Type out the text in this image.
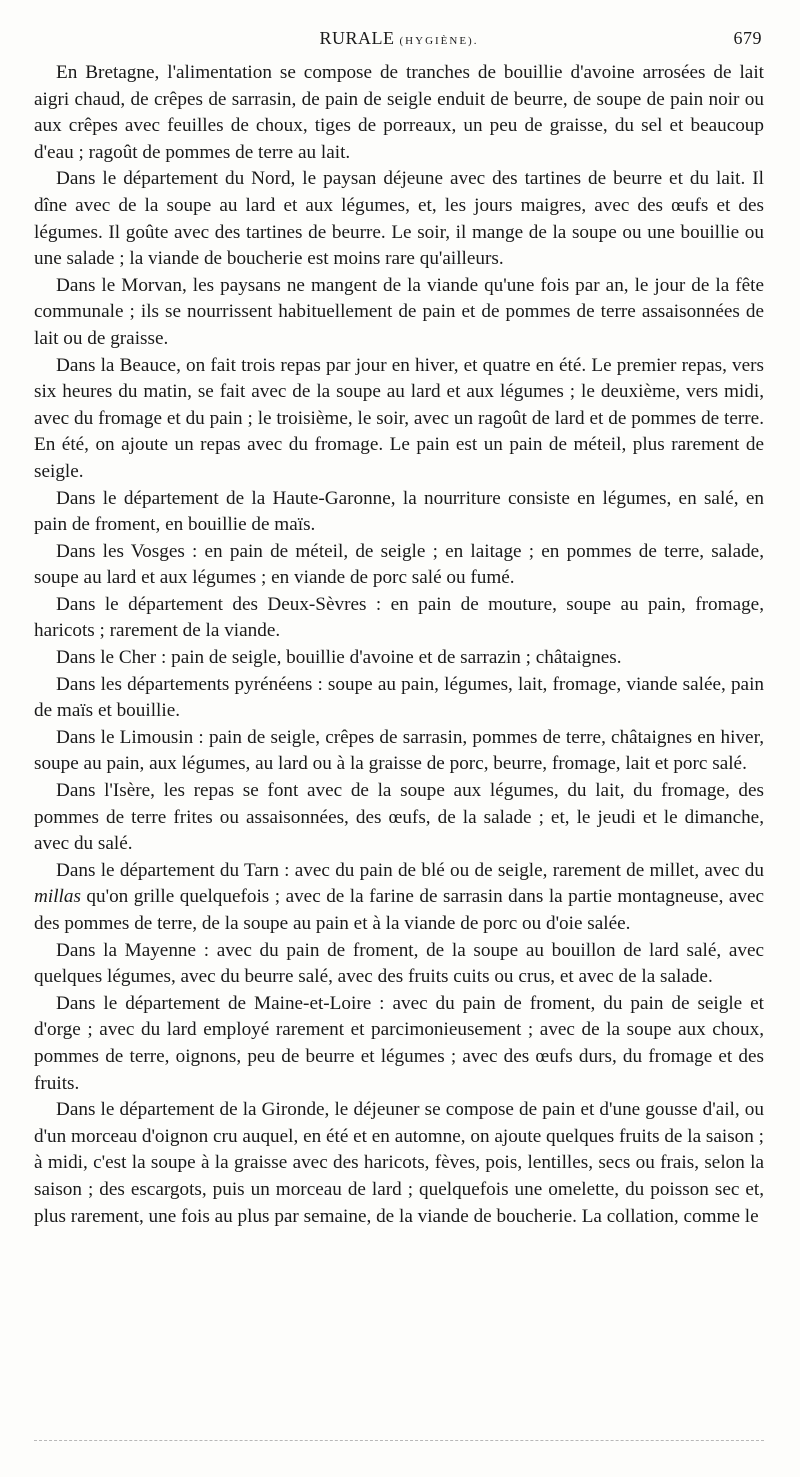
RURALE (HYGIÈNE).	679

En Bretagne, l'alimentation se compose de tranches de bouillie d'avoine arrosées de lait aigri chaud, de crêpes de sarrasin, de pain de seigle enduit de beurre, de soupe de pain noir ou aux crêpes avec feuilles de choux, tiges de porreaux, un peu de graisse, du sel et beaucoup d'eau ; ragoût de pommes de terre au lait.

Dans le département du Nord, le paysan déjeune avec des tartines de beurre et du lait. Il dîne avec de la soupe au lard et aux légumes, et, les jours maigres, avec des œufs et des légumes. Il goûte avec des tartines de beurre. Le soir, il mange de la soupe ou une bouillie ou une salade ; la viande de boucherie est moins rare qu'ailleurs.

Dans le Morvan, les paysans ne mangent de la viande qu'une fois par an, le jour de la fête communale ; ils se nourrissent habituellement de pain et de pommes de terre assaisonnées de lait ou de graisse.

Dans la Beauce, on fait trois repas par jour en hiver, et quatre en été. Le premier repas, vers six heures du matin, se fait avec de la soupe au lard et aux légumes ; le deuxième, vers midi, avec du fromage et du pain ; le troisième, le soir, avec un ragoût de lard et de pommes de terre. En été, on ajoute un repas avec du fromage. Le pain est un pain de méteil, plus rarement de seigle.

Dans le département de la Haute-Garonne, la nourriture consiste en légumes, en salé, en pain de froment, en bouillie de maïs.

Dans les Vosges : en pain de méteil, de seigle ; en laitage ; en pommes de terre, salade, soupe au lard et aux légumes ; en viande de porc salé ou fumé.

Dans le département des Deux-Sèvres : en pain de mouture, soupe au pain, fromage, haricots ; rarement de la viande.

Dans le Cher : pain de seigle, bouillie d'avoine et de sarrazin ; châtaignes.

Dans les départements pyrénéens : soupe au pain, légumes, lait, fromage, viande salée, pain de maïs et bouillie.

Dans le Limousin : pain de seigle, crêpes de sarrasin, pommes de terre, châtaignes en hiver, soupe au pain, aux légumes, au lard ou à la graisse de porc, beurre, fromage, lait et porc salé.

Dans l'Isère, les repas se font avec de la soupe aux légumes, du lait, du fromage, des pommes de terre frites ou assaisonnées, des œufs, de la salade ; et, le jeudi et le dimanche, avec du salé.

Dans le département du Tarn : avec du pain de blé ou de seigle, rarement de millet, avec du millas qu'on grille quelquefois ; avec de la farine de sarrasin dans la partie montagneuse, avec des pommes de terre, de la soupe au pain et à la viande de porc ou d'oie salée.

Dans la Mayenne : avec du pain de froment, de la soupe au bouillon de lard salé, avec quelques légumes, avec du beurre salé, avec des fruits cuits ou crus, et avec de la salade.

Dans le département de Maine-et-Loire : avec du pain de froment, du pain de seigle et d'orge ; avec du lard employé rarement et parcimonieusement ; avec de la soupe aux choux, pommes de terre, oignons, peu de beurre et légumes ; avec des œufs durs, du fromage et des fruits.

Dans le département de la Gironde, le déjeuner se compose de pain et d'une gousse d'ail, ou d'un morceau d'oignon cru auquel, en été et en automne, on ajoute quelques fruits de la saison ; à midi, c'est la soupe à la graisse avec des haricots, fèves, pois, lentilles, secs ou frais, selon la saison ; des escargots, puis un morceau de lard ; quelquefois une omelette, du poisson sec et, plus rarement, une fois au plus par semaine, de la viande de boucherie. La collation, comme le
